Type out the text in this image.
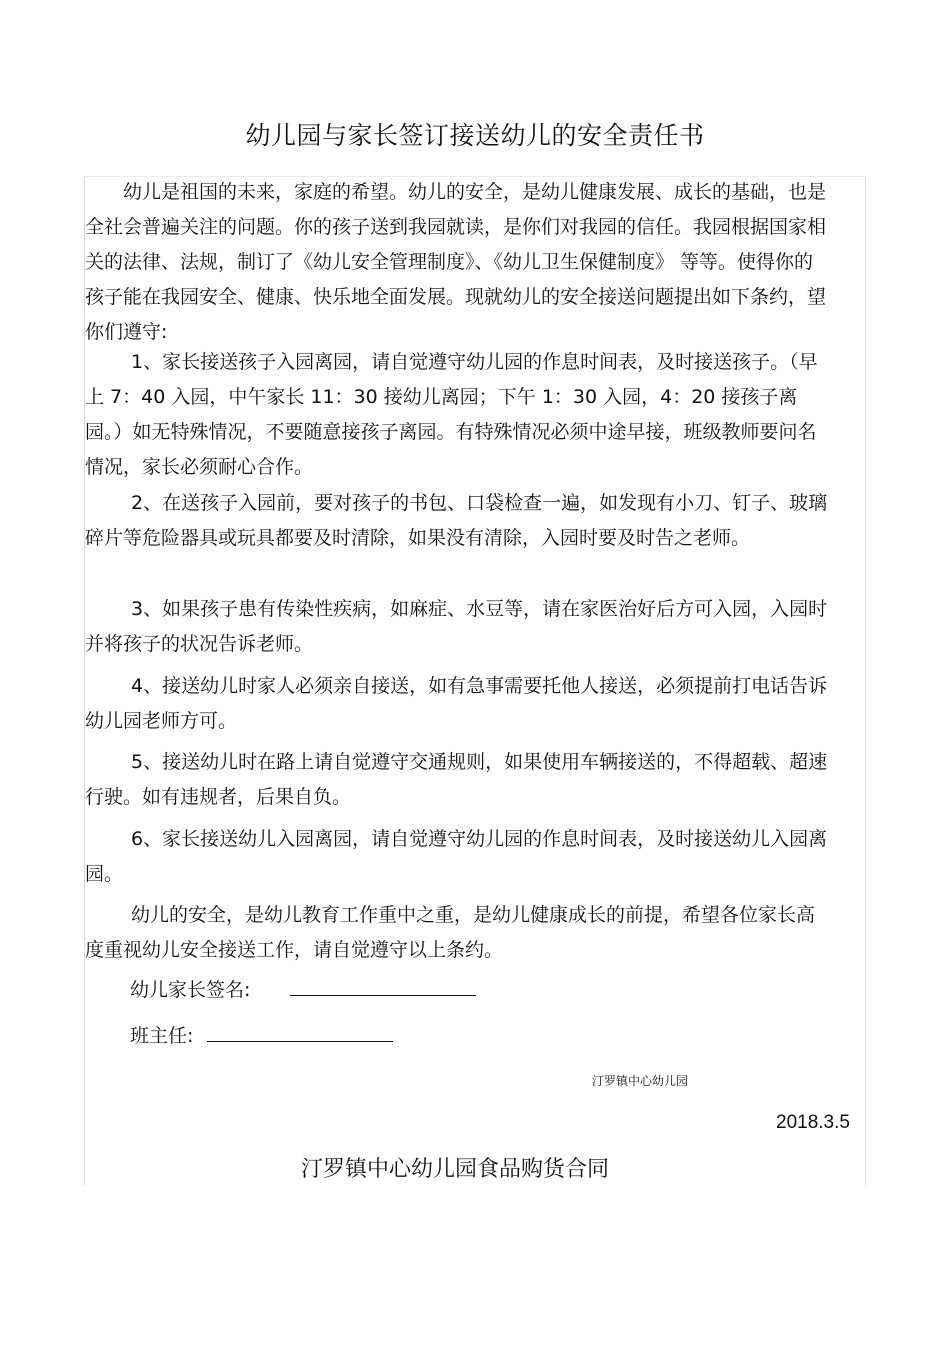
幼儿园与家长签订接送幼儿的安全责任书

幼儿是祖国的未来，家庭的希望。幼儿的安全，是幼儿健康发展、成长的基础，也是全社会普遍关注的问题。你的孩子送到我园就读，是你们对我园的信任。我园根据国家相关的法律、法规，制订了《幼儿安全管理制度》、《幼儿卫生保健制度》 等等。使得你的孩子能在我园安全、健康、快乐地全面发展。现就幼儿的安全接送问题提出如下条约，望你们遵守:

1、家长接送孩子入园离园，请自觉遵守幼儿园的作息时间表，及时接送孩子。（早上 7：40 入园，中午家长 11：30 接幼儿离园；下午 1：30 入园，4：20 接孩子离园。）如无特殊情况，不要随意接孩子离园。有特殊情况必须中途早接，班级教师要问名情况，家长必须耐心合作。

2、在送孩子入园前，要对孩子的书包、口袋检查一遍，如发现有小刀、钉子、玻璃碎片等危险器具或玩具都要及时清除，如果没有清除，入园时要及时告之老师。

3、如果孩子患有传染性疾病，如麻症、水豆等，请在家医治好后方可入园，入园时并将孩子的状况告诉老师。

4、接送幼儿时家人必须亲自接送，如有急事需要托他人接送，必须提前打电话告诉幼儿园老师方可。

5、接送幼儿时在路上请自觉遵守交通规则，如果使用车辆接送的，不得超载、超速行驶。如有违规者，后果自负。

6、家长接送幼儿入园离园，请自觉遵守幼儿园的作息时间表，及时接送幼儿入园离园。

幼儿的安全，是幼儿教育工作重中之重，是幼儿健康成长的前提，希望各位家长高度重视幼儿安全接送工作，请自觉遵守以上条约。

幼儿家长签名:
班主任:
汀罗镇中心幼儿园
2018.3.5
汀罗镇中心幼儿园食品购货合同
